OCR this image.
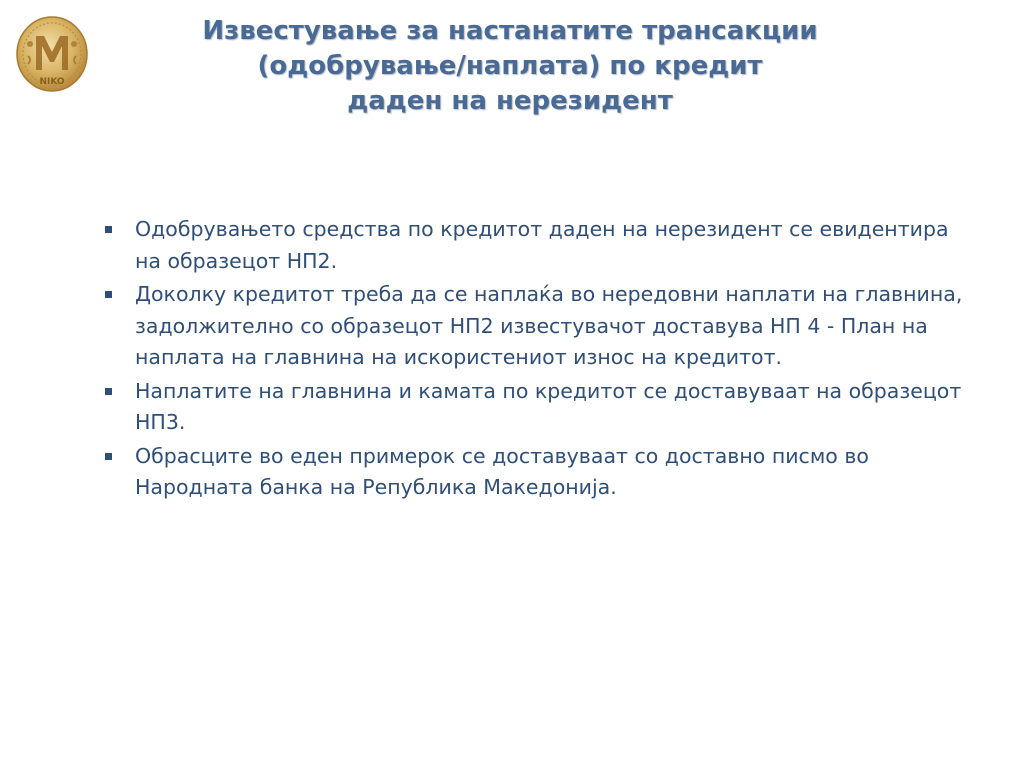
NIKO
Известување за настанатите трансакции
(одобрување/наплата) по кредит
даден на нерезидент
Одобрувањето средства по кредитот даден на нерезидент се евидентира на образецот НП2.
Доколку кредитот треба да се наплаќа во нередовни наплати на главнина, задолжително со образецот НП2 известувачот доставува НП 4 - План на наплата на главнина на искористениот износ на кредитот.
Наплатите на главнина и камата по кредитот се доставуваат на образецот НП3.
Обрасците во еден примерок се доставуваат со доставно писмо во Народната банка на Република Македонија.
